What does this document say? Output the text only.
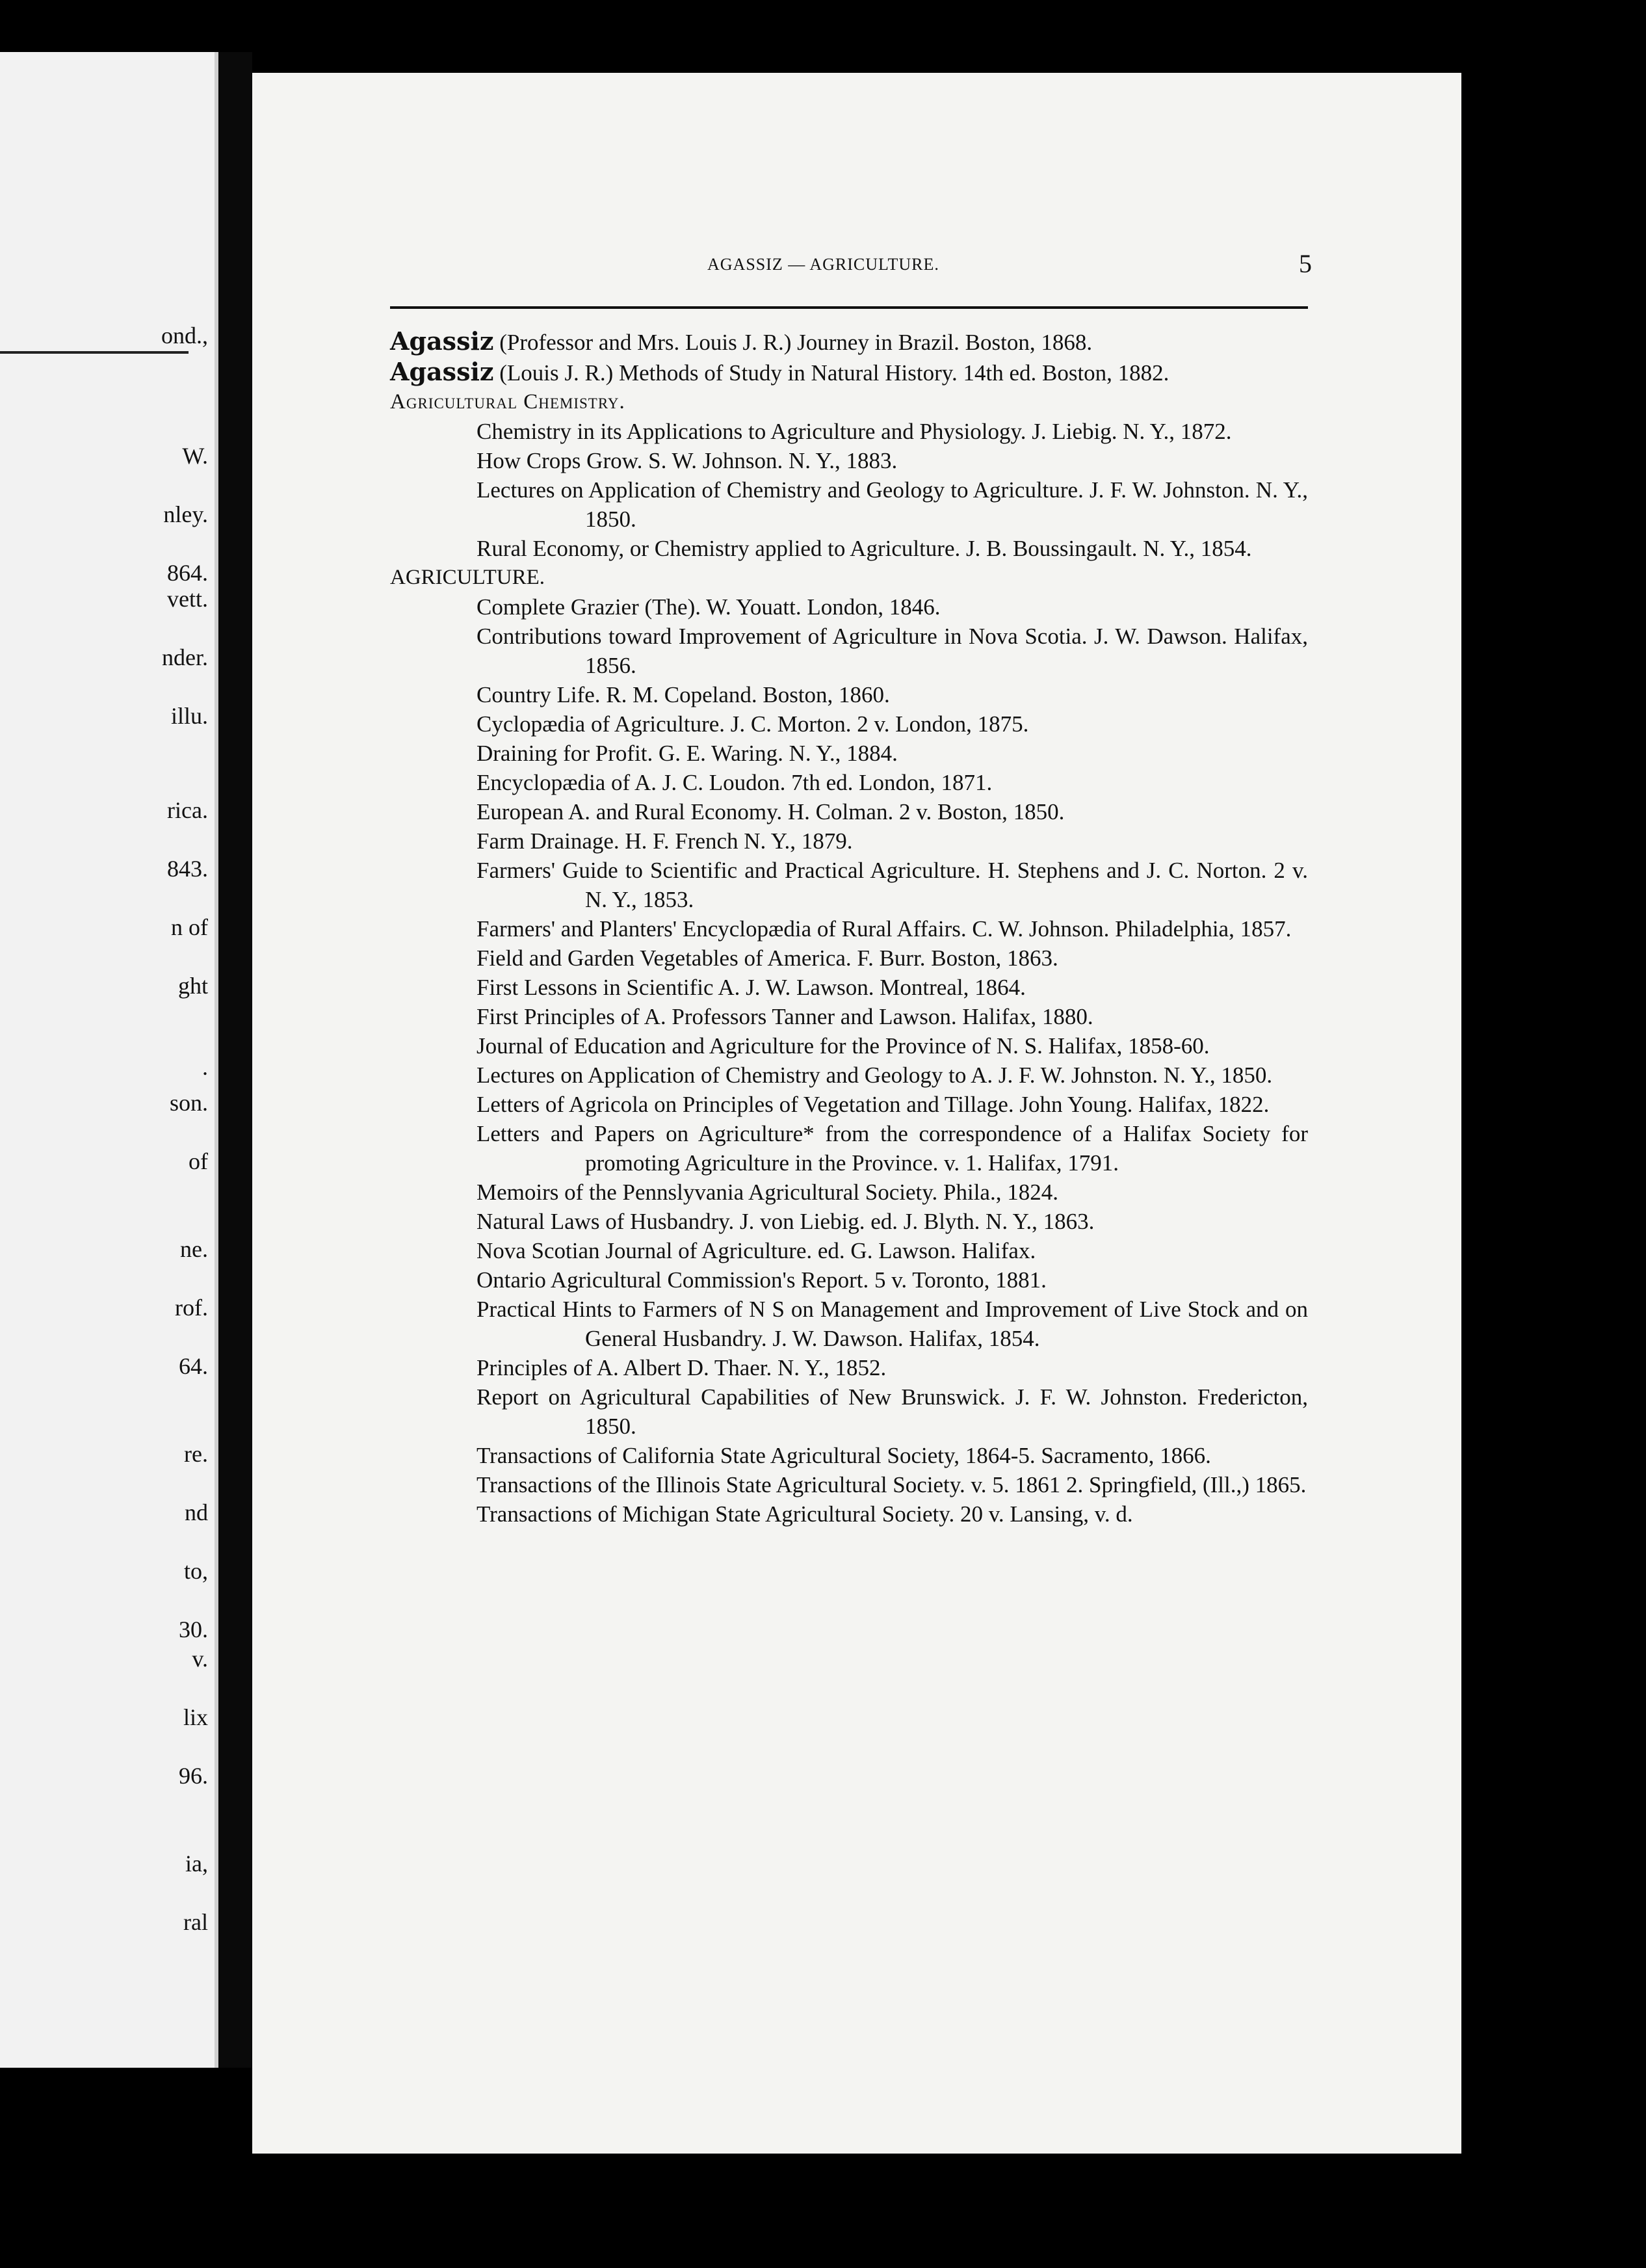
ond.,
W.
nley.
864.
vett.
nder.
illu.
rica.
843.
n of
ght
.
son.
of
ne.
rof.
64.
re.
nd
to,
30.
v.
lix
96.
ia,
ral
AGASSIZ — AGRICULTURE.	5
Agassiz (Professor and Mrs. Louis J. R.) Journey in Brazil. Boston, 1868.
Agassiz (Louis J. R.) Methods of Study in Natural History. 14th ed. Boston, 1882.
Agricultural Chemistry.
Chemistry in its Applications to Agriculture and Physiology. J. Liebig. N. Y., 1872.
How Crops Grow. S. W. Johnson. N. Y., 1883.
Lectures on Application of Chemistry and Geology to Agriculture. J. F. W. Johnston. N. Y., 1850.
Rural Economy, or Chemistry applied to Agriculture. J. B. Boussingault. N. Y., 1854.
AGRICULTURE.
Complete Grazier (The). W. Youatt. London, 1846.
Contributions toward Improvement of Agriculture in Nova Scotia. J. W. Dawson. Halifax, 1856.
Country Life. R. M. Copeland. Boston, 1860.
Cyclopædia of Agriculture. J. C. Morton. 2 v. London, 1875.
Draining for Profit. G. E. Waring. N. Y., 1884.
Encyclopædia of A. J. C. Loudon. 7th ed. London, 1871.
European A. and Rural Economy. H. Colman. 2 v. Boston, 1850.
Farm Drainage. H. F. French N. Y., 1879.
Farmers' Guide to Scientific and Practical Agriculture. H. Stephens and J. C. Norton. 2 v. N. Y., 1853.
Farmers' and Planters' Encyclopædia of Rural Affairs. C. W. Johnson. Philadelphia, 1857.
Field and Garden Vegetables of America. F. Burr. Boston, 1863.
First Lessons in Scientific A. J. W. Lawson. Montreal, 1864.
First Principles of A. Professors Tanner and Lawson. Halifax, 1880.
Journal of Education and Agriculture for the Province of N. S. Halifax, 1858-60.
Lectures on Application of Chemistry and Geology to A. J. F. W. Johnston. N. Y., 1850.
Letters of Agricola on Principles of Vegetation and Tillage. John Young. Halifax, 1822.
Letters and Papers on Agriculture* from the correspondence of a Halifax Society for promoting Agriculture in the Province. v. 1. Halifax, 1791.
Memoirs of the Pennslyvania Agricultural Society. Phila., 1824.
Natural Laws of Husbandry. J. von Liebig. ed. J. Blyth. N. Y., 1863.
Nova Scotian Journal of Agriculture. ed. G. Lawson. Halifax.
Ontario Agricultural Commission's Report. 5 v. Toronto, 1881.
Practical Hints to Farmers of N S on Management and Improvement of Live Stock and on General Husbandry. J. W. Dawson. Halifax, 1854.
Principles of A. Albert D. Thaer. N. Y., 1852.
Report on Agricultural Capabilities of New Brunswick. J. F. W. Johnston. Fredericton, 1850.
Transactions of California State Agricultural Society, 1864-5. Sacramento, 1866.
Transactions of the Illinois State Agricultural Society. v. 5. 1861 2. Springfield, (Ill.,) 1865.
Transactions of Michigan State Agricultural Society. 20 v. Lansing, v. d.
